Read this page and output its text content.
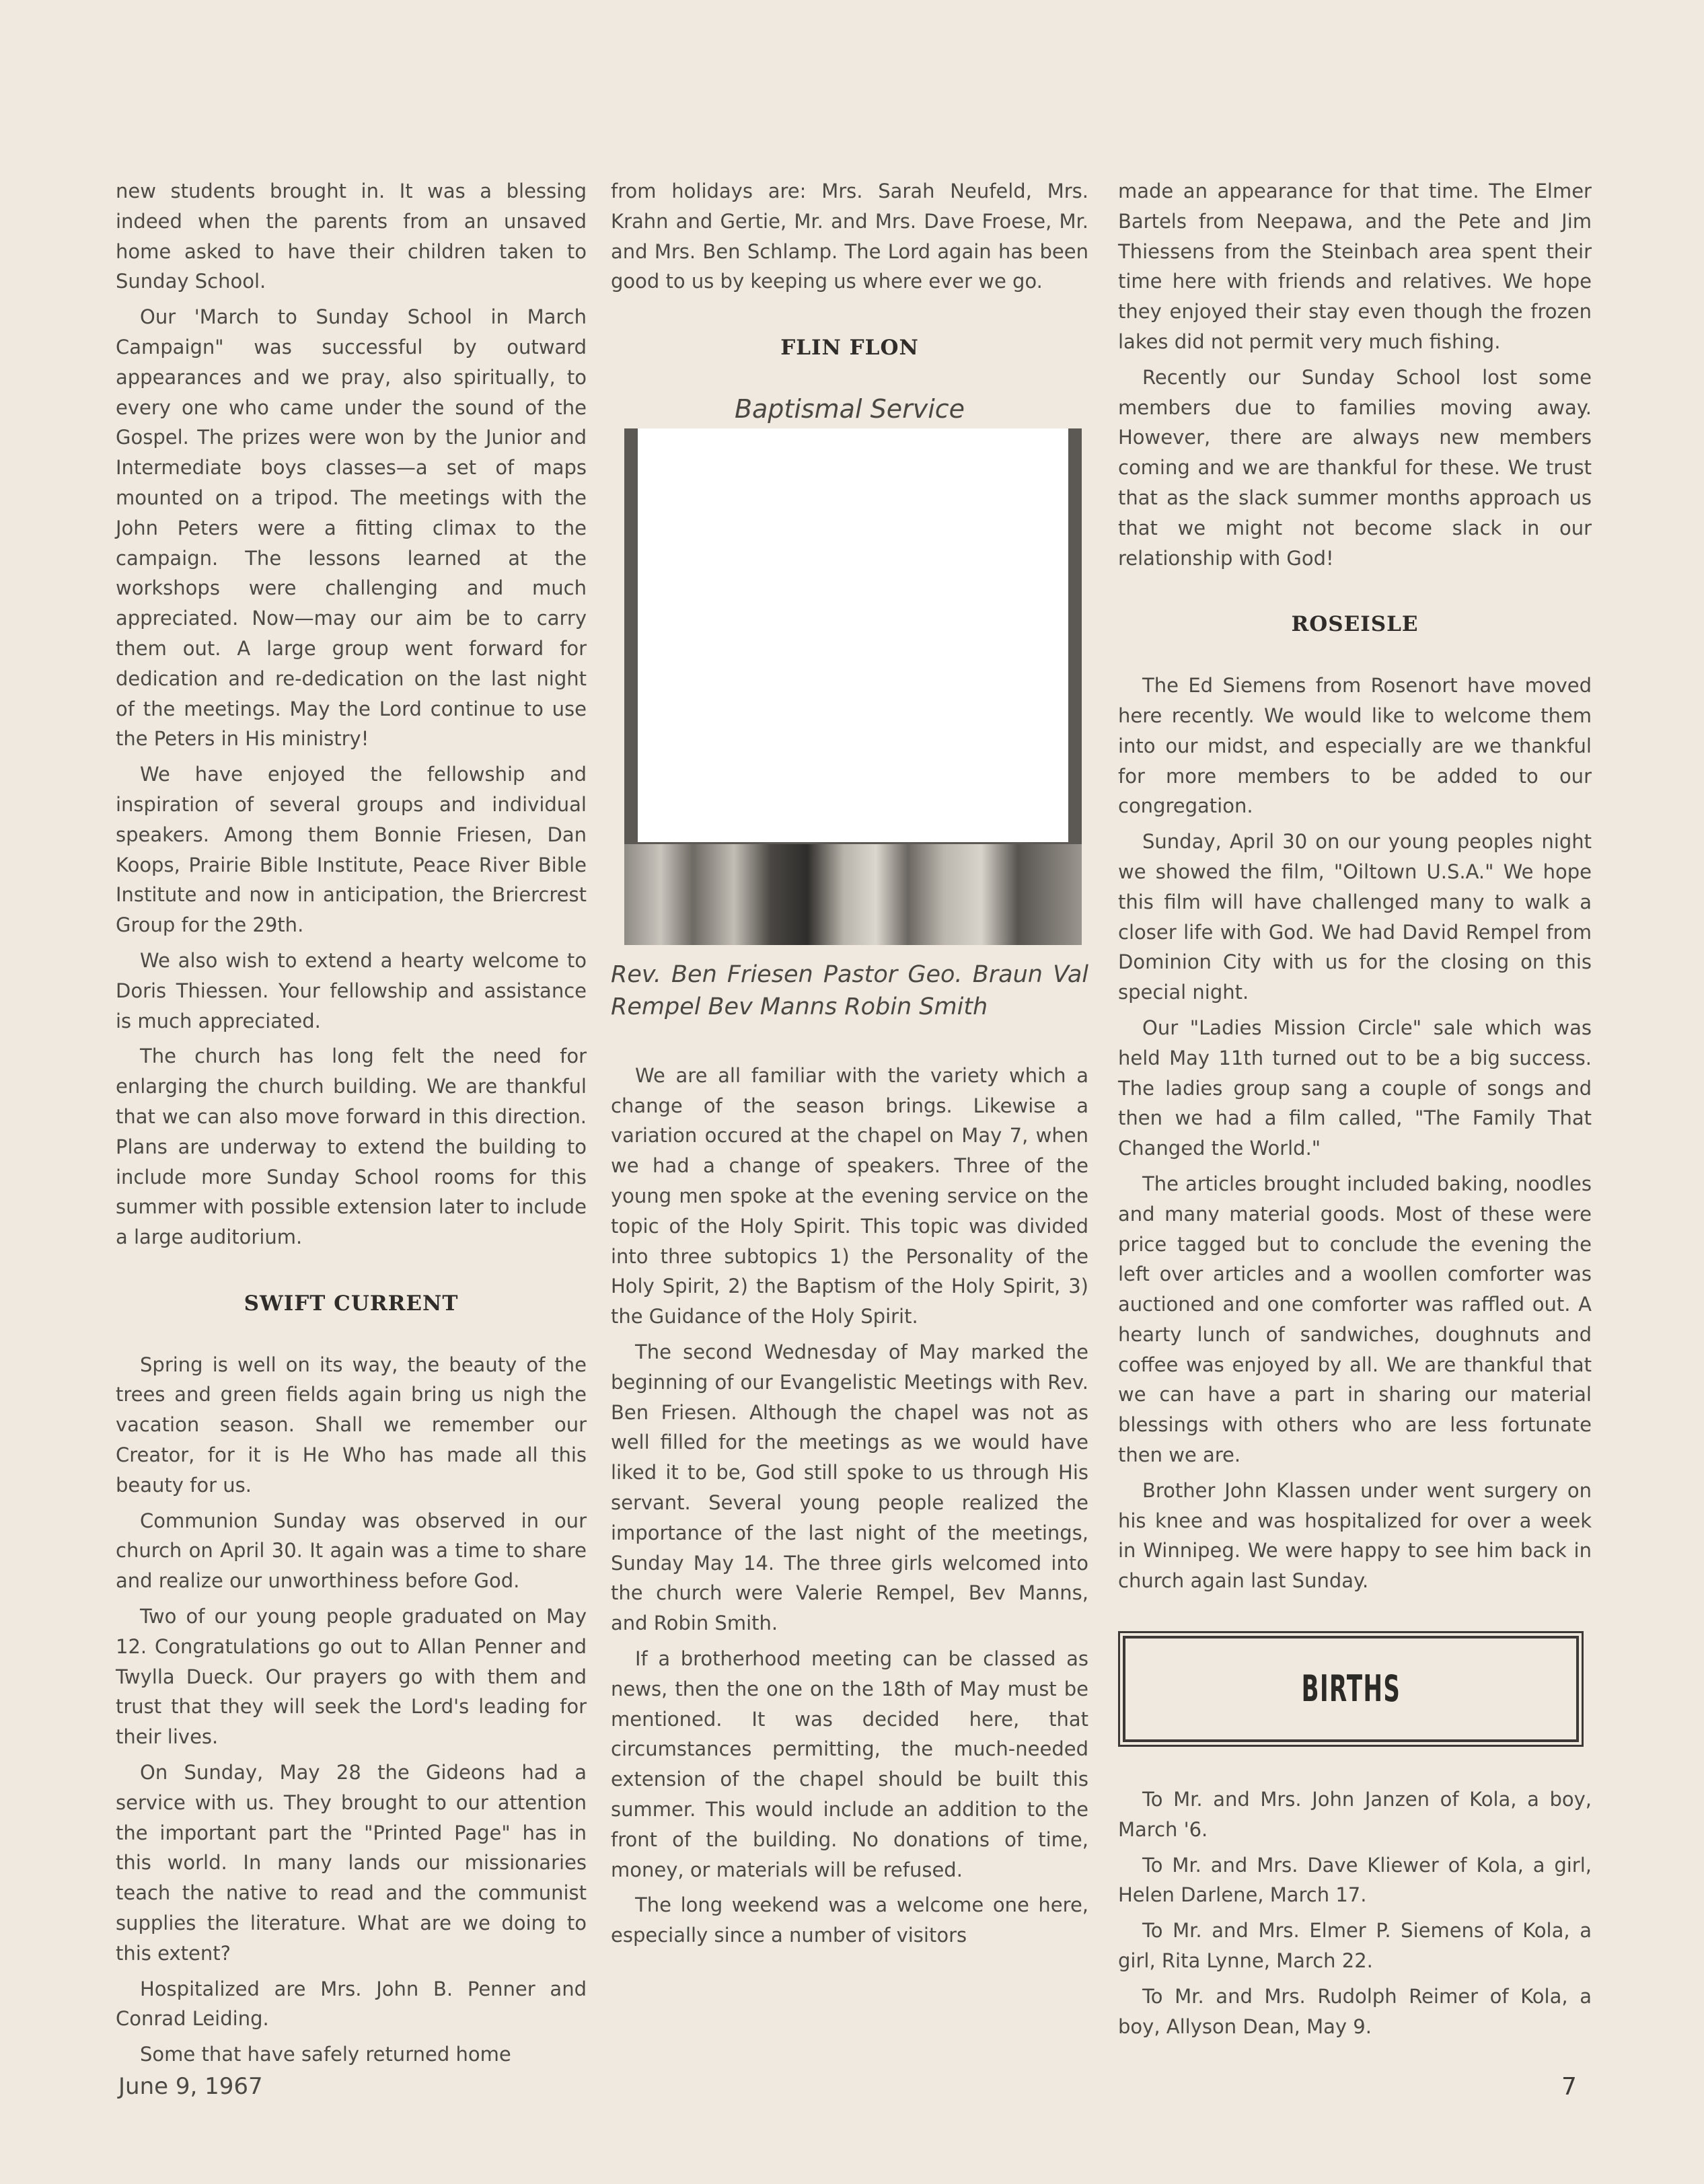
new students brought in. It was a blessing indeed when the parents from an unsaved home asked to have their children taken to Sunday School.

Our 'March to Sunday School in March Campaign" was successful by outward appearances and we pray, also spiritually, to every one who came under the sound of the Gospel. The prizes were won by the Junior and Intermediate boys classes—a set of maps mounted on a tripod. The meetings with the John Peters were a fitting climax to the campaign. The lessons learned at the workshops were challenging and much appreciated. Now—may our aim be to carry them out. A large group went forward for dedication and re-dedication on the last night of the meetings. May the Lord continue to use the Peters in His ministry!

We have enjoyed the fellowship and inspiration of several groups and individual speakers. Among them Bonnie Friesen, Dan Koops, Prairie Bible Institute, Peace River Bible Institute and now in anticipation, the Briercrest Group for the 29th.

We also wish to extend a hearty welcome to Doris Thiessen. Your fellowship and assistance is much appreciated.

The church has long felt the need for enlarging the church building. We are thankful that we can also move forward in this direction. Plans are underway to extend the building to include more Sunday School rooms for this summer with possible extension later to include a large auditorium.

SWIFT CURRENT

Spring is well on its way, the beauty of the trees and green fields again bring us nigh the vacation season. Shall we remember our Creator, for it is He Who has made all this beauty for us.

Communion Sunday was observed in our church on April 30. It again was a time to share and realize our unworthiness before God.

Two of our young people graduated on May 12. Congratulations go out to Allan Penner and Twylla Dueck. Our prayers go with them and trust that they will seek the Lord's leading for their lives.

On Sunday, May 28 the Gideons had a service with us. They brought to our attention the important part the "Printed Page" has in this world. In many lands our missionaries teach the native to read and the communist supplies the literature. What are we doing to this extent?

Hospitalized are Mrs. John B. Penner and Conrad Leiding.

Some that have safely returned home

from holidays are: Mrs. Sarah Neufeld, Mrs. Krahn and Gertie, Mr. and Mrs. Dave Froese, Mr. and Mrs. Ben Schlamp. The Lord again has been good to us by keeping us where ever we go.

FLIN FLON
Baptismal Service
Rev. Ben Friesen Pastor Geo. Braun Val Rempel Bev Manns Robin Smith

We are all familiar with the variety which a change of the season brings. Likewise a variation occured at the chapel on May 7, when we had a change of speakers. Three of the young men spoke at the evening service on the topic of the Holy Spirit. This topic was divided into three subtopics 1) the Personality of the Holy Spirit, 2) the Baptism of the Holy Spirit, 3) the Guidance of the Holy Spirit.

The second Wednesday of May marked the beginning of our Evangelistic Meetings with Rev. Ben Friesen. Although the chapel was not as well filled for the meetings as we would have liked it to be, God still spoke to us through His servant. Several young people realized the importance of the last night of the meetings, Sunday May 14. The three girls welcomed into the church were Valerie Rempel, Bev Manns, and Robin Smith.

If a brotherhood meeting can be classed as news, then the one on the 18th of May must be mentioned. It was decided here, that circumstances permitting, the much-needed extension of the chapel should be built this summer. This would include an addition to the front of the building. No donations of time, money, or materials will be refused.

The long weekend was a welcome one here, especially since a number of visitors

made an appearance for that time. The Elmer Bartels from Neepawa, and the Pete and Jim Thiessens from the Steinbach area spent their time here with friends and relatives. We hope they enjoyed their stay even though the frozen lakes did not permit very much fishing.

Recently our Sunday School lost some members due to families moving away. However, there are always new members coming and we are thankful for these. We trust that as the slack summer months approach us that we might not become slack in our relationship with God!

ROSEISLE

The Ed Siemens from Rosenort have moved here recently. We would like to welcome them into our midst, and especially are we thankful for more members to be added to our congregation.

Sunday, April 30 on our young peoples night we showed the film, "Oiltown U.S.A." We hope this film will have challenged many to walk a closer life with God. We had David Rempel from Dominion City with us for the closing on this special night.

Our "Ladies Mission Circle" sale which was held May 11th turned out to be a big success. The ladies group sang a couple of songs and then we had a film called, "The Family That Changed the World."

The articles brought included baking, noodles and many material goods. Most of these were price tagged but to conclude the evening the left over articles and a woollen comforter was auctioned and one comforter was raffled out. A hearty lunch of sandwiches, doughnuts and coffee was enjoyed by all. We are thankful that we can have a part in sharing our material blessings with others who are less fortunate then we are.

Brother John Klassen under went surgery on his knee and was hospitalized for over a week in Winnipeg. We were happy to see him back in church again last Sunday.

BIRTHS

To Mr. and Mrs. John Janzen of Kola, a boy, March '6.

To Mr. and Mrs. Dave Kliewer of Kola, a girl, Helen Darlene, March 17.

To Mr. and Mrs. Elmer P. Siemens of Kola, a girl, Rita Lynne, March 22.

To Mr. and Mrs. Rudolph Reimer of Kola, a boy, Allyson Dean, May 9.

June 9, 1967	7
